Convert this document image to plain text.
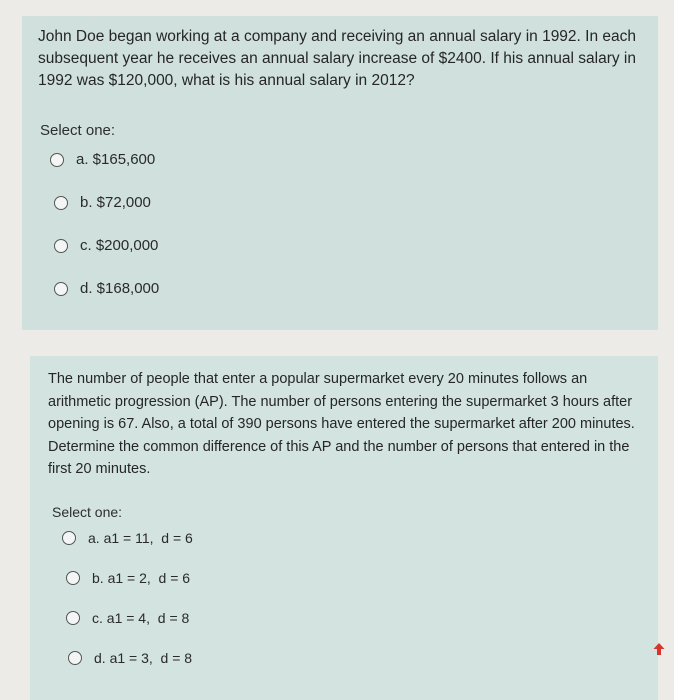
John Doe began working at a company and receiving an annual salary in 1992. In each subsequent year he receives an annual salary increase of $2400. If his annual salary in 1992 was $120,000, what is his annual salary in 2012?
Select one:
a. $165,600
b. $72,000
c. $200,000
d. $168,000
The number of people that enter a popular supermarket every 20 minutes follows an arithmetic progression (AP). The number of persons entering the supermarket 3 hours after opening is 67. Also, a total of 390 persons have entered the supermarket after 200 minutes. Determine the common difference of this AP and the number of persons that entered in the first 20 minutes.
Select one:
a. a1 = 11,  d = 6
b. a1 = 2,  d = 6
c. a1 = 4,  d = 8
d. a1 = 3,  d = 8
